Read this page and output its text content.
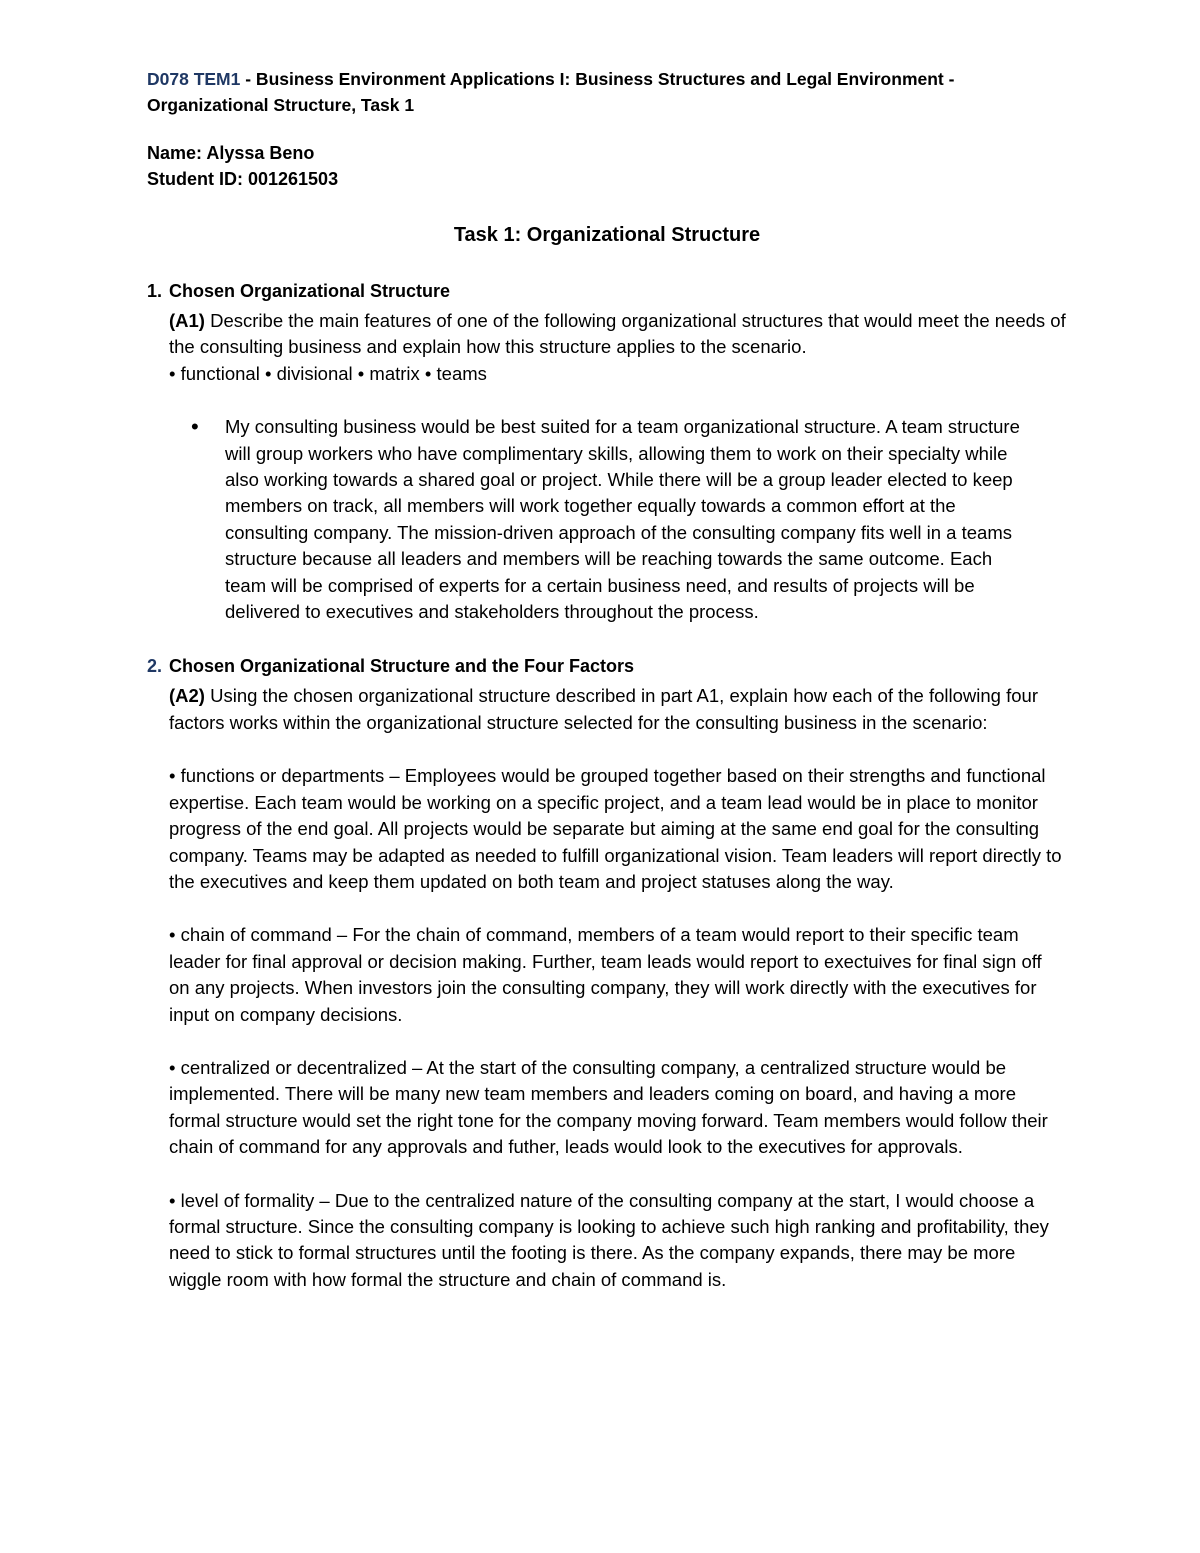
D078 TEM1 - Business Environment Applications I: Business Structures and Legal Environment - Organizational Structure, Task 1

Name: Alyssa Beno
Student ID: 001261503
Task 1: Organizational Structure
1. Chosen Organizational Structure

(A1) Describe the main features of one of the following organizational structures that would meet the needs of the consulting business and explain how this structure applies to the scenario.

• functional • divisional • matrix • teams
•	My consulting business would be best suited for a team organizational structure. A team structure will group workers who have complimentary skills, allowing them to work on their specialty while also working towards a shared goal or project. While there will be a group leader elected to keep members on track, all members will work together equally towards a common effort at the consulting company. The mission-driven approach of the consulting company fits well in a teams structure because all leaders and members will be reaching towards the same outcome. Each team will be comprised of experts for a certain business need, and results of projects will be delivered to executives and stakeholders throughout the process.
2. Chosen Organizational Structure and the Four Factors

(A2) Using the chosen organizational structure described in part A1, explain how each of the following four factors works within the organizational structure selected for the consulting business in the scenario:

• functions or departments – Employees would be grouped together based on their strengths and functional expertise. Each team would be working on a specific project, and a team lead would be in place to monitor progress of the end goal. All projects would be separate but aiming at the same end goal for the consulting company. Teams may be adapted as needed to fulfill organizational vision. Team leaders will report directly to the executives and keep them updated on both team and project statuses along the way.

• chain of command – For the chain of command, members of a team would report to their specific team leader for final approval or decision making. Further, team leads would report to exectuives for final sign off on any projects. When investors join the consulting company, they will work directly with the executives for input on company decisions.

• centralized or decentralized – At the start of the consulting company, a centralized structure would be implemented. There will be many new team members and leaders coming on board, and having a more formal structure would set the right tone for the company moving forward. Team members would follow their chain of command for any approvals and futher, leads would look to the executives for approvals.

• level of formality – Due to the centralized nature of the consulting company at the start, I would choose a formal structure. Since the consulting company is looking to achieve such high ranking and profitability, they need to stick to formal structures until the footing is there. As the company expands, there may be more wiggle room with how formal the structure and chain of command is.
